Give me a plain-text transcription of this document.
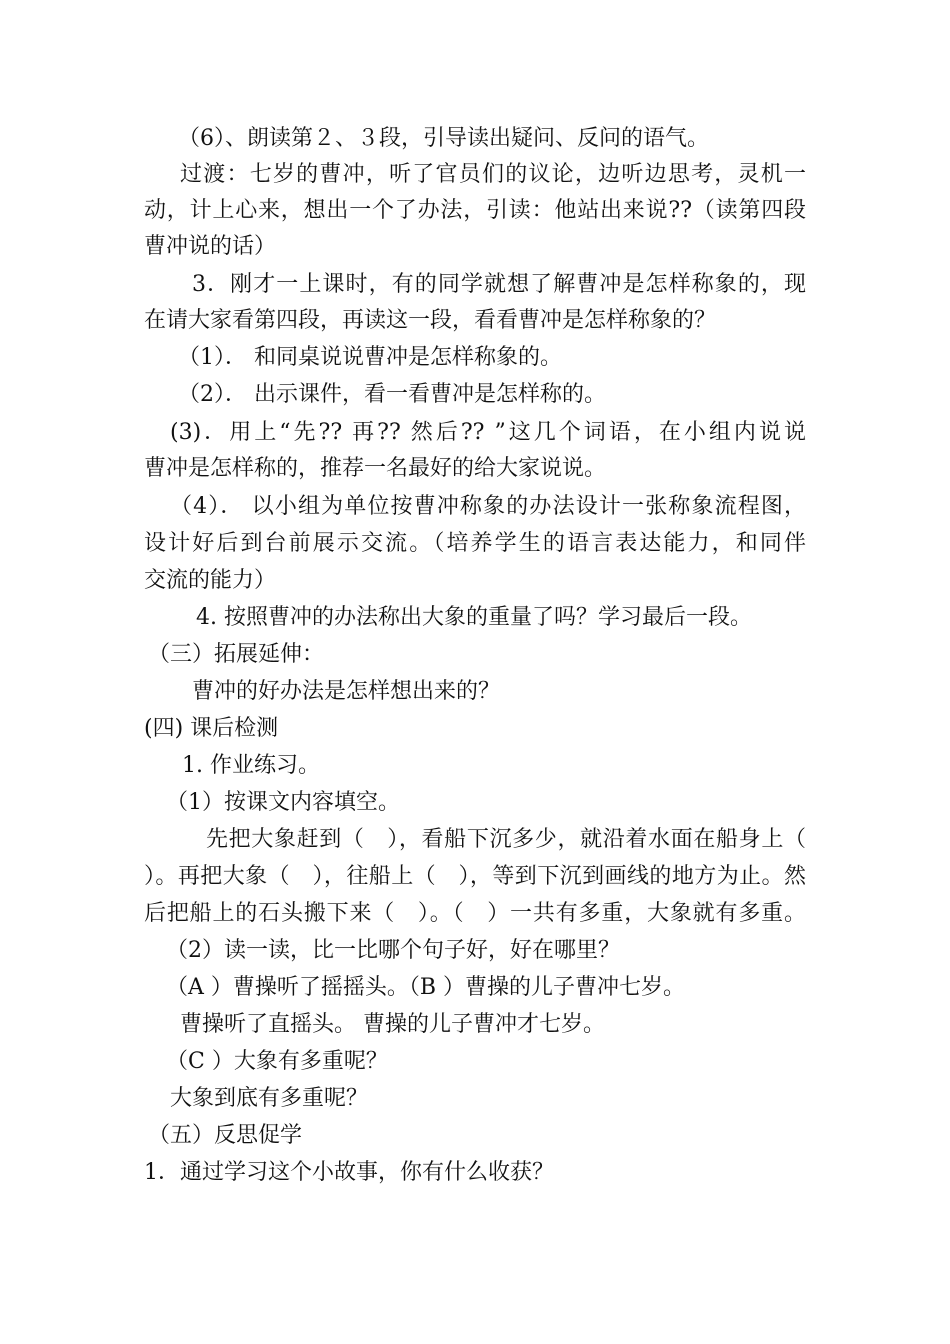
（6）、朗读第２、３段，引导读出疑问、反问的语气。
过渡：七岁的曹冲，听了官员们的议论，边听边思考，灵机一
动，计上心来，想出一个了办法，引读：他站出来说??（读第四段
曹冲说的话）
3．刚才一上课时，有的同学就想了解曹冲是怎样称象的，现
在请大家看第四段，再读这一段，看看曹冲是怎样称象的？
（1）． 和同桌说说曹冲是怎样称象的。
（2）． 出示课件，看一看曹冲是怎样称的。
(3)．用上“先?? 再?? 然后?? ”这几个词语，在小组内说说
曹冲是怎样称的，推荐一名最好的给大家说说。
（4）． 以小组为单位按曹冲称象的办法设计一张称象流程图，
设计好后到台前展示交流。（培养学生的语言表达能力，和同伴
交流的能力）
4. 按照曹冲的办法称出大象的重量了吗？学习最后一段。
（三）拓展延伸：
曹冲的好办法是怎样想出来的？
(四) 课后检测
1. 作业练习。
（1）按课文内容填空。
先把大象赶到（　），看船下沉多少，就沿着水面在船身上（
）。再把大象（　），往船上（　），等到下沉到画线的地方为止。然
后把船上的石头搬下来（　）。（　）一共有多重，大象就有多重。
（2）读一读，比一比哪个句子好，好在哪里？
（A ）曹操听了摇摇头。（B ）曹操的儿子曹冲七岁。
曹操听了直摇头。 曹操的儿子曹冲才七岁。
（C ）大象有多重呢？
大象到底有多重呢？
（五）反思促学
1．通过学习这个小故事，你有什么收获？
